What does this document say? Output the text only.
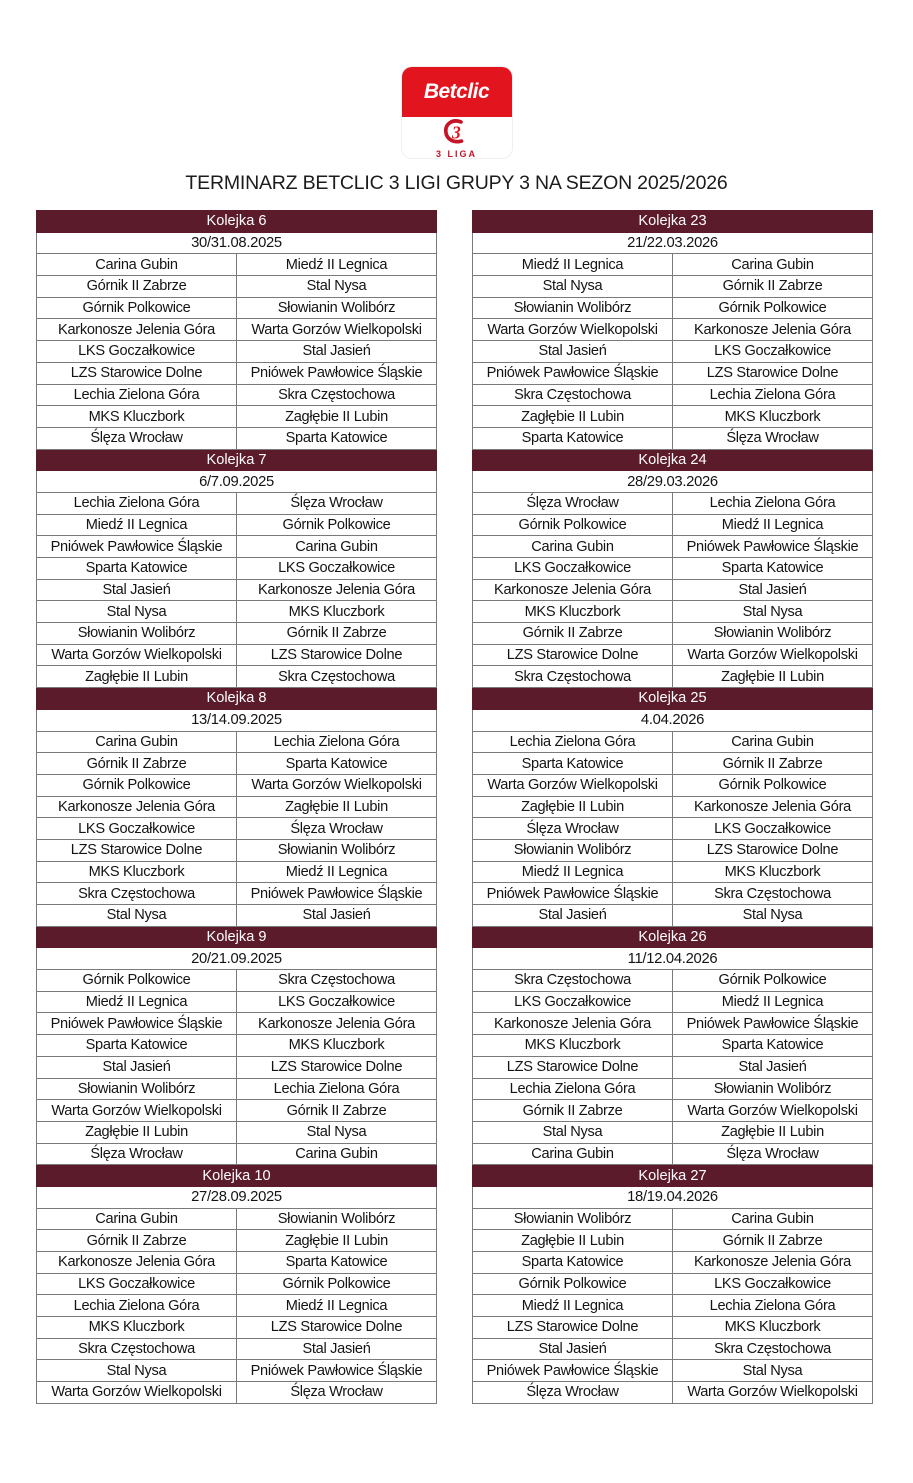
Betclic
3
3 LIGA
TERMINARZ BETCLIC 3 LIGI GRUPY 3 NA SEZON 2025/2026
Kolejka 6	
30/31.08.2025	
Carina Gubin	Miedź II Legnica
Górnik II Zabrze	Stal Nysa
Górnik Polkowice	Słowianin Wolibórz
Karkonosze Jelenia Góra	Warta Gorzów Wielkopolski
LKS Goczałkowice	Stal Jasień
LZS Starowice Dolne	Pniówek Pawłowice Śląskie
Lechia Zielona Góra	Skra Częstochowa
MKS Kluczbork	Zagłębie II Lubin
Ślęza Wrocław	Sparta Katowice
Kolejka 7	
6/7.09.2025	
Lechia Zielona Góra	Ślęza Wrocław
Miedź II Legnica	Górnik Polkowice
Pniówek Pawłowice Śląskie	Carina Gubin
Sparta Katowice	LKS Goczałkowice
Stal Jasień	Karkonosze Jelenia Góra
Stal Nysa	MKS Kluczbork
Słowianin Wolibórz	Górnik II Zabrze
Warta Gorzów Wielkopolski	LZS Starowice Dolne
Zagłębie II Lubin	Skra Częstochowa
Kolejka 8	
13/14.09.2025	
Carina Gubin	Lechia Zielona Góra
Górnik II Zabrze	Sparta Katowice
Górnik Polkowice	Warta Gorzów Wielkopolski
Karkonosze Jelenia Góra	Zagłębie II Lubin
LKS Goczałkowice	Ślęza Wrocław
LZS Starowice Dolne	Słowianin Wolibórz
MKS Kluczbork	Miedź II Legnica
Skra Częstochowa	Pniówek Pawłowice Śląskie
Stal Nysa	Stal Jasień
Kolejka 9	
20/21.09.2025	
Górnik Polkowice	Skra Częstochowa
Miedź II Legnica	LKS Goczałkowice
Pniówek Pawłowice Śląskie	Karkonosze Jelenia Góra
Sparta Katowice	MKS Kluczbork
Stal Jasień	LZS Starowice Dolne
Słowianin Wolibórz	Lechia Zielona Góra
Warta Gorzów Wielkopolski	Górnik II Zabrze
Zagłębie II Lubin	Stal Nysa
Ślęza Wrocław	Carina Gubin
Kolejka 10	
27/28.09.2025	
Carina Gubin	Słowianin Wolibórz
Górnik II Zabrze	Zagłębie II Lubin
Karkonosze Jelenia Góra	Sparta Katowice
LKS Goczałkowice	Górnik Polkowice
Lechia Zielona Góra	Miedź II Legnica
MKS Kluczbork	LZS Starowice Dolne
Skra Częstochowa	Stal Jasień
Stal Nysa	Pniówek Pawłowice Śląskie
Warta Gorzów Wielkopolski	Ślęza Wrocław
Kolejka 23	
21/22.03.2026	
Miedź II Legnica	Carina Gubin
Stal Nysa	Górnik II Zabrze
Słowianin Wolibórz	Górnik Polkowice
Warta Gorzów Wielkopolski	Karkonosze Jelenia Góra
Stal Jasień	LKS Goczałkowice
Pniówek Pawłowice Śląskie	LZS Starowice Dolne
Skra Częstochowa	Lechia Zielona Góra
Zagłębie II Lubin	MKS Kluczbork
Sparta Katowice	Ślęza Wrocław
Kolejka 24	
28/29.03.2026	
Ślęza Wrocław	Lechia Zielona Góra
Górnik Polkowice	Miedź II Legnica
Carina Gubin	Pniówek Pawłowice Śląskie
LKS Goczałkowice	Sparta Katowice
Karkonosze Jelenia Góra	Stal Jasień
MKS Kluczbork	Stal Nysa
Górnik II Zabrze	Słowianin Wolibórz
LZS Starowice Dolne	Warta Gorzów Wielkopolski
Skra Częstochowa	Zagłębie II Lubin
Kolejka 25	
4.04.2026	
Lechia Zielona Góra	Carina Gubin
Sparta Katowice	Górnik II Zabrze
Warta Gorzów Wielkopolski	Górnik Polkowice
Zagłębie II Lubin	Karkonosze Jelenia Góra
Ślęza Wrocław	LKS Goczałkowice
Słowianin Wolibórz	LZS Starowice Dolne
Miedź II Legnica	MKS Kluczbork
Pniówek Pawłowice Śląskie	Skra Częstochowa
Stal Jasień	Stal Nysa
Kolejka 26	
11/12.04.2026	
Skra Częstochowa	Górnik Polkowice
LKS Goczałkowice	Miedź II Legnica
Karkonosze Jelenia Góra	Pniówek Pawłowice Śląskie
MKS Kluczbork	Sparta Katowice
LZS Starowice Dolne	Stal Jasień
Lechia Zielona Góra	Słowianin Wolibórz
Górnik II Zabrze	Warta Gorzów Wielkopolski
Stal Nysa	Zagłębie II Lubin
Carina Gubin	Ślęza Wrocław
Kolejka 27	
18/19.04.2026	
Słowianin Wolibórz	Carina Gubin
Zagłębie II Lubin	Górnik II Zabrze
Sparta Katowice	Karkonosze Jelenia Góra
Górnik Polkowice	LKS Goczałkowice
Miedź II Legnica	Lechia Zielona Góra
LZS Starowice Dolne	MKS Kluczbork
Stal Jasień	Skra Częstochowa
Pniówek Pawłowice Śląskie	Stal Nysa
Ślęza Wrocław	Warta Gorzów Wielkopolski
